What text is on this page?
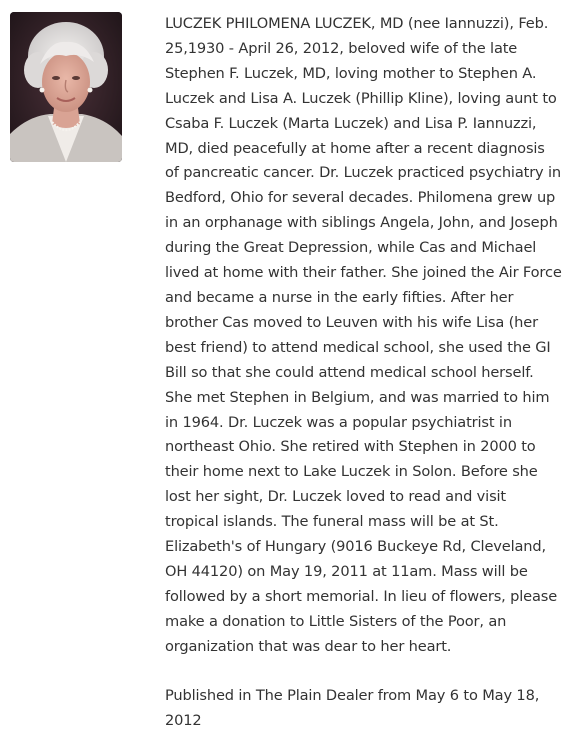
LUCZEK PHILOMENA LUCZEK, MD (nee Iannuzzi), Feb. 25,1930 - April 26, 2012, beloved wife of the late Stephen F. Luczek, MD, loving mother to Stephen A. Luczek and Lisa A. Luczek (Phillip Kline), loving aunt to Csaba F. Luczek (Marta Luczek) and Lisa P. Iannuzzi, MD, died peacefully at home after a recent diagnosis of pancreatic cancer. Dr. Luczek practiced psychiatry in Bedford, Ohio for several decades. Philomena grew up in an orphanage with siblings Angela, John, and Joseph during the Great Depression, while Cas and Michael lived at home with their father. She joined the Air Force and became a nurse in the early fifties. After her brother Cas moved to Leuven with his wife Lisa (her best friend) to attend medical school, she used the GI Bill so that she could attend medical school herself. She met Stephen in Belgium, and was married to him in 1964. Dr. Luczek was a popular psychiatrist in northeast Ohio. She retired with Stephen in 2000 to their home next to Lake Luczek in Solon. Before she lost her sight, Dr. Luczek loved to read and visit tropical islands. The funeral mass will be at St. Elizabeth's of Hungary (9016 Buckeye Rd, Cleveland, OH 44120) on May 19, 2011 at 11am. Mass will be followed by a short memorial. In lieu of flowers, please make a donation to Little Sisters of the Poor, an organization that was dear to her heart.

Published in The Plain Dealer from May 6 to May 18, 2012
